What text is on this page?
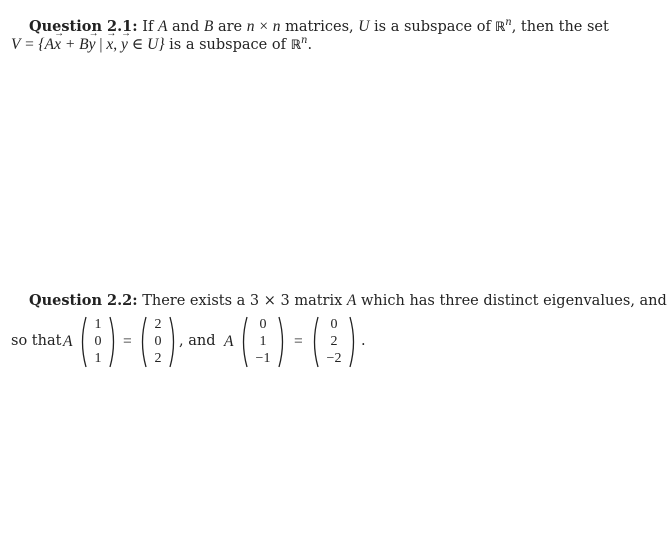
Question 2.1: If A and B are n × n matrices, U is a subspace of ℝ$^n$, then the set
V = {A→ x + B→ y | → x, → y ∈ U} is a subspace of ℝ$^n$.
Question 2.2: There exists a 3 × 3 matrix A which has three distinct eigenvalues, and
so that A
1
0
1
=
2
0
2
, and A
0
1
−1
=
0
2
−2
.
